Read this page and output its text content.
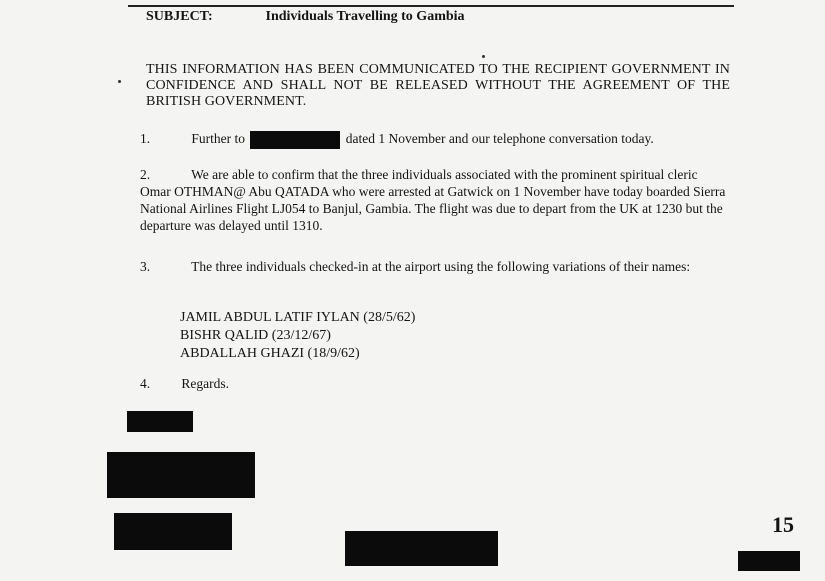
SUBJECT:	Individuals Travelling to Gambia
THIS INFORMATION HAS BEEN COMMUNICATED TO THE RECIPIENT GOVERNMENT IN CONFIDENCE AND SHALL NOT BE RELEASED WITHOUT THE AGREEMENT OF THE BRITISH GOVERNMENT.
1.	Further to	dated 1 November and our telephone conversation today.
2.	We are able to confirm that the three individuals associated with the prominent spiritual cleric Omar OTHMAN@ Abu QATADA who were arrested at Gatwick on 1 November have today boarded Sierra National Airlines Flight LJ054 to Banjul, Gambia. The flight was due to depart from the UK at 1230 but the departure was delayed until 1310.
3.	The three individuals checked-in at the airport using the following variations of their names:
JAMIL ABDUL LATIF IYLAN (28/5/62)
BISHR QALID (23/12/67)
ABDALLAH GHAZI (18/9/62)
4. Regards.
15
